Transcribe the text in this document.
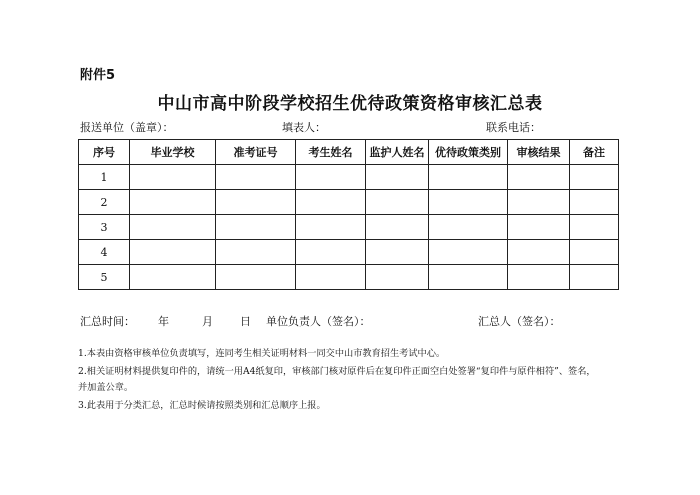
附件5
中山市高中阶段学校招生优待政策资格审核汇总表
报送单位（盖章）：	填表人：	联系电话：
序号	毕业学校	准考证号	考生姓名	监护人姓名	优待政策类别	审核结果	备注
1							
2							
3							
4							
5							
汇总时间： 年	月 日 单位负责人（签名）：	汇总人（签名）：
1.本表由资格审核单位负责填写，连同考生相关证明材料一同交中山市教育招生考试中心。
2.相关证明材料提供复印件的，请统一用A4纸复印，审核部门核对原件后在复印件正面空白处签署“复印件与原件相符”、签名，
并加盖公章。
3.此表用于分类汇总，汇总时候请按照类别和汇总顺序上报。
